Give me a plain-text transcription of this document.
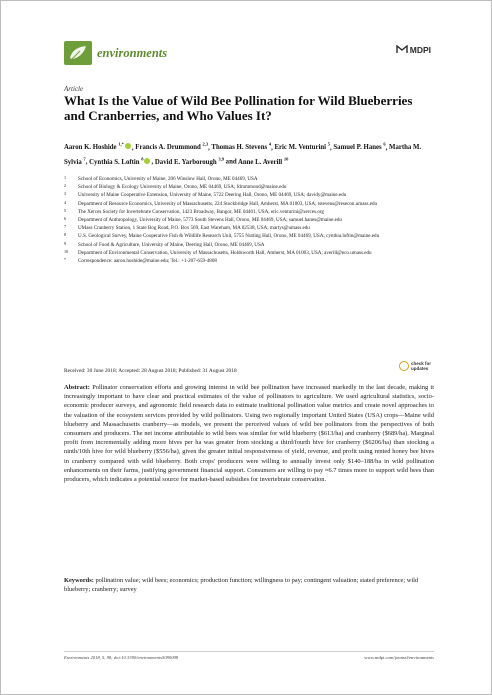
environments	MDPI
Article
What Is the Value of Wild Bee Pollination for Wild Blueberries and Cranberries, and Who Values It?
Aaron K. Hoshide $^{1,*}$ , Francis A. Drummond $^{2,3}$, Thomas H. Stevens $^4$, Eric M. Venturini $^5$, Samuel P. Hanes $^6$, Martha M. Sylvia $^7$, Cynthia S. Loftin $^8$ , David E. Yarborough $^{3,9}$ and Anne L. Averill $^{10}$
1 School of Economics, University of Maine, 206 Winslow Hall, Orono, ME 04469, USA
2 School of Biology & Ecology University of Maine, Orono, ME 04469, USA; fdrummond@maine.edu
3 University of Maine Cooperative Extension, University of Maine, 5722 Deering Hall, Orono, ME 04469, USA; davidy@maine.edu
4 Department of Resource Economics, University of Massachusetts, 224 Stockbridge Hall, Amherst, MA 01003, USA; tstevens@resecon.umass.edu
5 The Xerces Society for Invertebrate Conservation, 1423 Broadway, Bangor, ME 04401, USA; eric.venturini@xerces.org
6 Department of Anthropology, University of Maine, 5773 South Stevens Hall, Orono, ME 04469, USA; samuel.hanes@maine.edu
7 UMass Cranberry Station, 1 State Bog Road, P.O. Box 569, East Wareham, MA 02538, USA; martys@umass.edu
8 U.S. Geological Survey, Maine Cooperative Fish & Wildlife Research Unit, 5755 Nutting Hall, Orono, ME 04469, USA; cynthia.loftin@maine.edu
9 School of Food & Agriculture, University of Maine, Deering Hall, Orono, ME 04469, USA
10 Department of Environmental Conservation, University of Massachusetts, Holdsworth Hall, Amherst, MA 01003, USA; averill@eco.umass.edu
* Correspondence: aaron.hoshide@maine.edu; Tel.: +1-207-659-4808
Received: 30 June 2018; Accepted: 28 August 2018; Published: 31 August 2018
check for updates
Abstract: Pollinator conservation efforts and growing interest in wild bee pollination have increased markedly in the last decade, making it increasingly important to have clear and practical estimates of the value of pollinators to agriculture. We used agricultural statistics, socio-economic producer surveys, and agronomic field research data to estimate traditional pollination value metrics and create novel approaches to the valuation of the ecosystem services provided by wild pollinators. Using two regionally important United States (USA) crops—Maine wild blueberry and Massachusetts cranberry—as models, we present the perceived values of wild bee pollinators from the perspectives of both consumers and producers. The net income attributable to wild bees was similar for wild blueberry ($613/ha) and cranberry ($689/ha). Marginal profit from incrementally adding more hives per ha was greater from stocking a third/fourth hive for cranberry ($6206/ha) than stocking a ninth/10th hive for wild blueberry ($556/ha), given the greater initial responsiveness of yield, revenue, and profit using rented honey bee hives in cranberry compared with wild blueberry. Both crops' producers were willing to annually invest only $140–188/ha in wild pollination enhancements on their farms, justifying government financial support. Consumers are willing to pay ≈6.7 times more to support wild bees than producers, which indicates a potential source for market-based subsidies for invertebrate conservation.
Keywords: pollination value; wild bees; economics; production function; willingness to pay; contingent valuation; stated preference; wild blueberry; cranberry; survey
Environments 2018, 5, 98; doi:10.3390/environments5090098	www.mdpi.com/journal/environments
